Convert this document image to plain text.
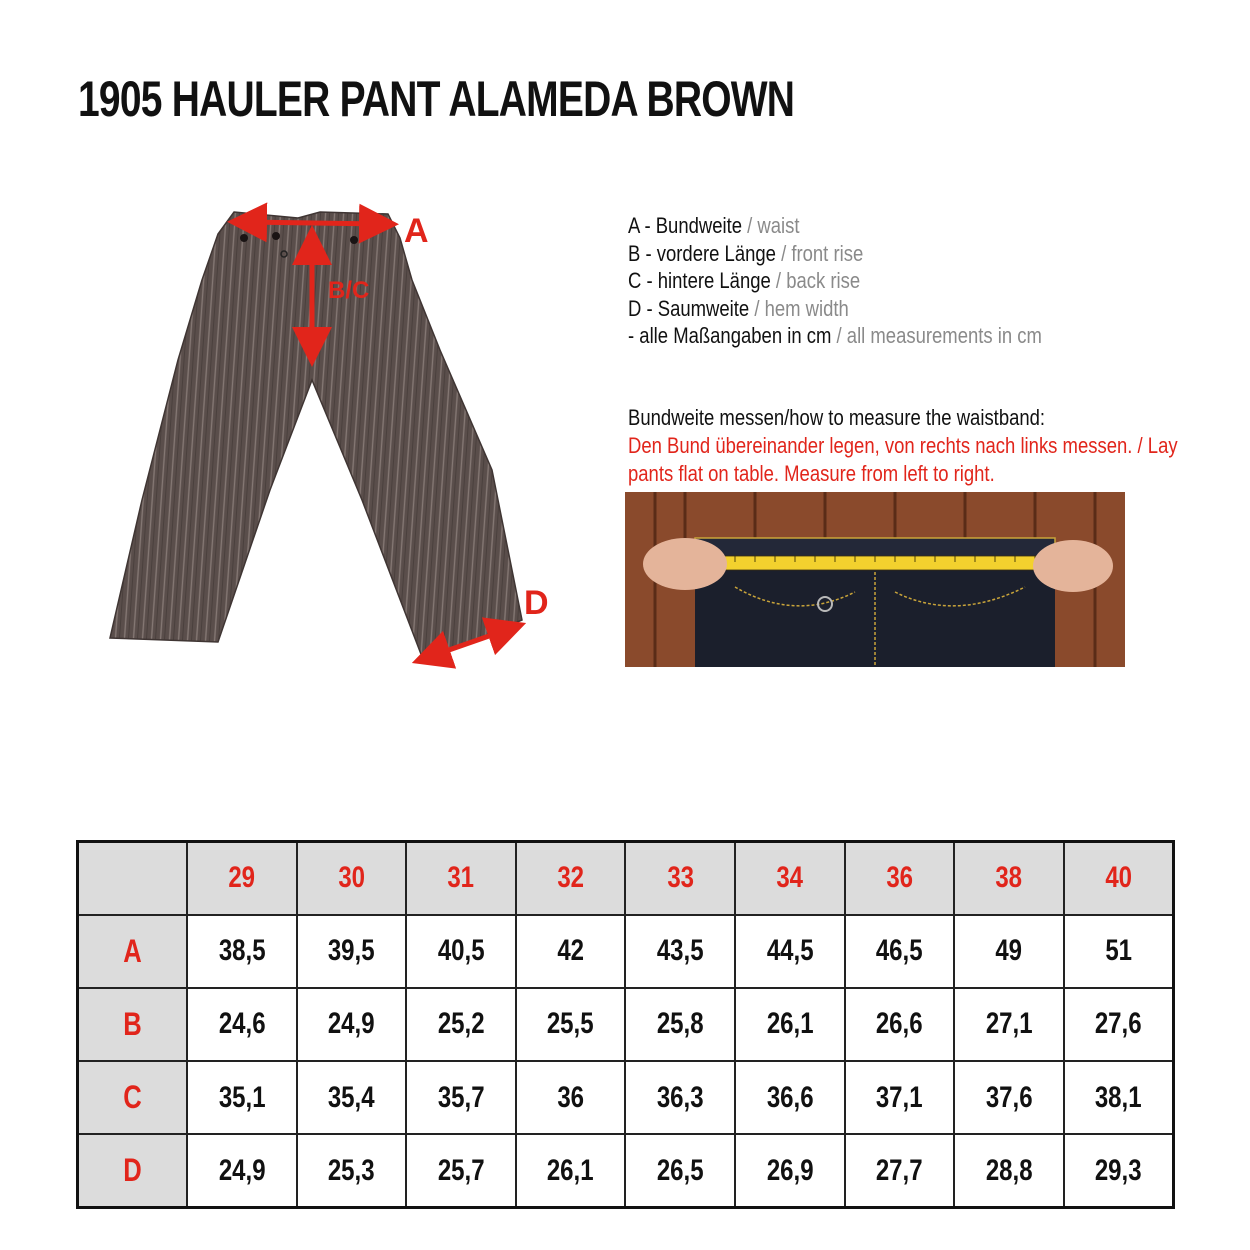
1905 HAULER PANT ALAMEDA BROWN
A
B/C
D
A - Bundweite / waist
B - vordere Länge / front rise
C - hintere Länge / back rise
D - Saumweite / hem width
- alle Maßangaben in cm / all measurements in cm
Bundweite messen/how to measure the waistband:
Den Bund übereinander legen, von rechts nach links messen. / Lay pants flat on table. Measure from left to right.
	29	30	31	32	33	34	36	38	40
A	38,5	39,5	40,5	42	43,5	44,5	46,5	49	51
B	24,6	24,9	25,2	25,5	25,8	26,1	26,6	27,1	27,6
C	35,1	35,4	35,7	36	36,3	36,6	37,1	37,6	38,1
D	24,9	25,3	25,7	26,1	26,5	26,9	27,7	28,8	29,3
